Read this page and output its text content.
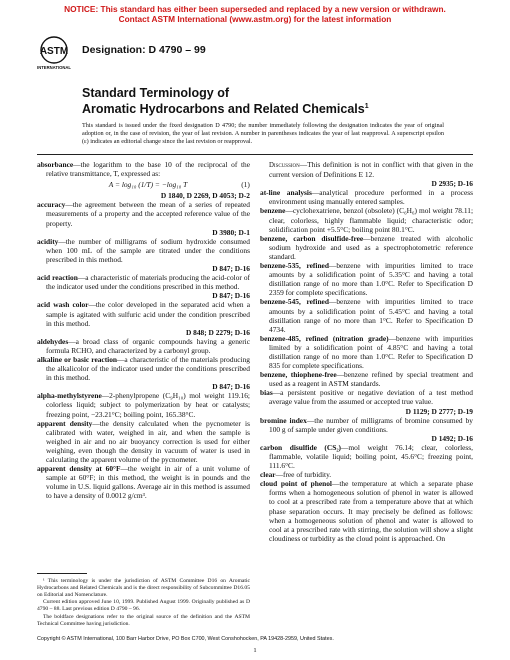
NOTICE: This standard has either been superseded and replaced by a new version or withdrawn.
Contact ASTM International (www.astm.org) for the latest information
ASTM
INTERNATIONAL
Designation: D 4790 – 99
Standard Terminology of
Aromatic Hydrocarbons and Related Chemicals$^1$
This standard is issued under the fixed designation D 4790; the number immediately following the designation indicates the year of original adoption or, in the case of revision, the year of last revision. A number in parentheses indicates the year of last reapproval. A superscript epsilon (ε) indicates an editorial change since the last revision or reapproval.
absorbance—the logarithm to the base 10 of the reciprocal of the relative transmittance, T, expressed as:
A = log₁₀ (1/T) = −log₁₀ T	(1)
D 1840, D 2269, D 4053; D-2
accuracy—the agreement between the mean of a series of repeated measurements of a property and the accepted reference value of the property.
D 3980; D-1
acidity—the number of milligrams of sodium hydroxide consumed when 100 mL of the sample are titrated under the conditions prescribed in this method.
D 847; D-16
acid reaction—a characteristic of materials producing the acid-color of the indicator used under the conditions prescribed in this method.
D 847; D-16
acid wash color—the color developed in the separated acid when a sample is agitated with sulfuric acid under the condition prescribed in this method.
D 848; D 2279; D-16
aldehydes—a broad class of organic compounds having a generic formula RCHO, and characterized by a carbonyl group.
alkaline or basic reaction—a characteristic of the materials producing the alkalicolor of the indicator used under the conditions prescribed in this method.
D 847; D-16
alpha-methylstyrene—2-phenylpropene (C₉H₁₀) mol weight 119.16; colorless liquid; subject to polymerization by heat or catalysts; freezing point, −23.21°C; boiling point, 165.38°C.
apparent density—the density calculated when the pycnometer is calibrated with water, weighed in air, and when the sample is weighed in air and no air buoyancy correction is used for either weighing, even though the density in vacuum of water is used in calculating the apparent volume of the pycnometer.
apparent density at 60°F—the weight in air of a unit volume of sample at 60°F; in this method, the weight is in pounds and the volume in U.S. liquid gallons. Average air in this method is assumed to have a density of 0.0012 g/cm³.
Discussion—This definition is not in conflict with that given in the current version of Definitions E 12.
D 2935; D-16
at-line analysis—analytical procedure performed in a process environment using manually entered samples.
benzene—cyclohexatriene, benzol (obsolete) (C₆H₆) mol weight 78.11; clear, colorless, highly flammable liquid; characteristic odor; solidification point +5.5°C; boiling point 80.1°C.
benzene, carbon disulfide-free—benzene treated with alcoholic sodium hydroxide and used as a spectrophotometric reference standard.
benzene-535, refined—benzene with impurities limited to trace amounts by a solidification point of 5.35°C and having a total distillation range of no more than 1.0°C. Refer to Specification D 2359 for complete specifications.
benzene-545, refined—benzene with impurities limited to trace amounts by a solidification point of 5.45°C and having a total distillation range of no more than 1°C. Refer to Specification D 4734.
benzene-485, refined (nitration grade)—benzene with impurities limited by a solidification point of 4.85°C and having a total distillation range of no more than 1.0°C. Refer to Specification D 835 for complete specifications.
benzene, thiophene-free—benzene refined by special treatment and used as a reagent in ASTM standards.
bias—a persistent positive or negative deviation of a test method average value from the assumed or accepted true value.
D 1129; D 2777; D-19
bromine index—the number of milligrams of bromine consumed by 100 g of sample under given conditions.
D 1492; D-16
carbon disulfide (CS₂)—mol weight 76.14; clear, colorless, flammable, volatile liquid; boiling point, 45.6°C; freezing point, 111.6°C.
clear—free of turbidity.
cloud point of phenol—the temperature at which a separate phase forms when a homogeneous solution of phenol in water is allowed to cool at a prescribed rate from a temperature above that at which phase separation occurs. It may precisely be defined as follows: when a homogeneous solution of phenol and water is allowed to cool at a prescribed rate with stirring, the solution will show a slight cloudiness or turbidity as the cloud point is approached. On

¹ This terminology is under the jurisdiction of ASTM Committee D16 on Aromatic Hydrocarbons and Related Chemicals and is the direct responsibility of Subcommittee D16.05 on Editorial and Nomenclature.

Current edition approved June 10, 1999. Published August 1999. Originally published as D 4790 – 88. Last previous edition D 4790 – 96.

The boldface designations refer to the original source of the definition and the ASTM Technical Committee having jurisdiction.

Copyright © ASTM International, 100 Barr Harbor Drive, PO Box C700, West Conshohocken, PA 19428-2959, United States.
1
